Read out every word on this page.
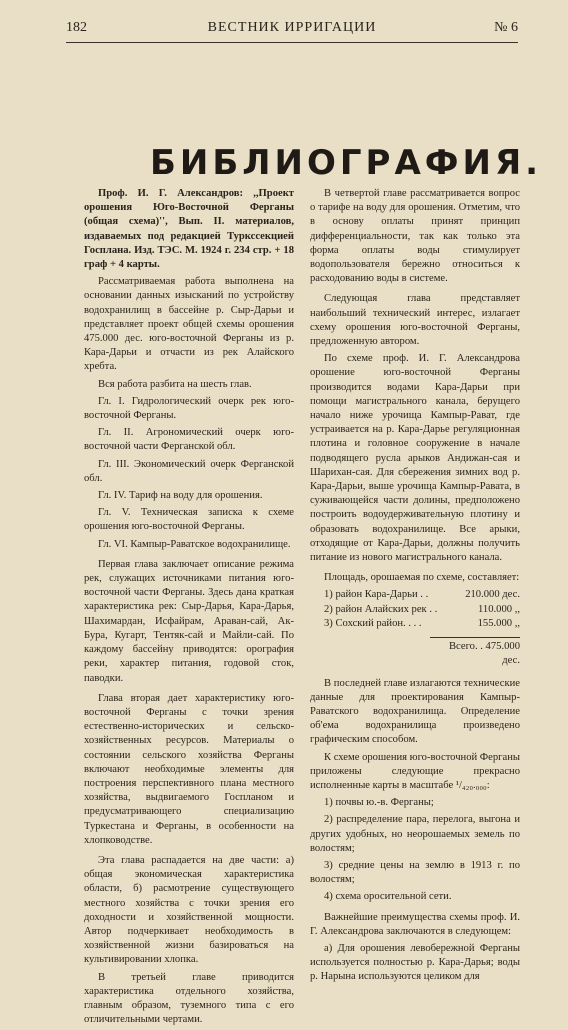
182	ВЕСТНИК ИРРИГАЦИИ	№ 6
БИБЛИОГРАФИЯ.

Проф. И. Г. Александров: ,,Проект орошения Юго-Восточной Ферганы (общая схема)'', Вып. II. материалов, издаваемых под редакцией Туркссекцией Госплана. Изд. ТЭС. М. 1924 г. 234 стр. + 18 граф + 4 карты.

Рассматриваемая работа выполнена на основании данных изысканий по устройству водохранилищ в бассейне р. Сыр-Дарьи и представляет проект общей схемы орошения 475.000 дес. юго-восточной Ферганы из р. Кара-Дарьи и отчасти из рек Алайского хребта.

Вся работа разбита на шесть глав.

Гл. I. Гидрологический очерк рек юго-восточной Ферганы.

Гл. II. Агрономический очерк юго-восточной части Ферганской обл.

Гл. III. Экономический очерк Ферганской обл.

Гл. IV. Тариф на воду для орошения.

Гл. V. Техническая записка к схеме орошения юго-восточной Ферганы.

Гл. VI. Кампыр-Раватское водохранилище.

Первая глава заключает описание режима рек, служащих источниками питания юго-восточной части Ферганы. Здесь дана краткая характеристика рек: Сыр-Дарья, Кара-Дарья, Шахимардан, Исфайрам, Араван-сай, Ак-Бура, Кугарт, Тентяк-сай и Майли-сай. По каждому бассейну приводятся: орография реки, характер питания, годовой сток, паводки.

Глава вторая дает характеристику юго-восточной Ферганы с точки зрения естественно-исторических и сельско-хозяйственных ресурсов. Материалы о состоянии сельского хозяйства Ферганы включают необходимые элементы для построения перспективного плана местного хозяйства, выдвигаемого Госпланом и предусматривающего специализацию Туркестана и Ферганы, в особенности на хлопководстве.

Эта глава распадается на две части: а) общая экономическая характеристика области, б) расмотрение существующего местного хозяйства с точки зрения его доходности и хозяйственной мощности. Автор подчеркивает необходимость в хозяйственной жизни базироваться на культивировании хлопка.

В третьей главе приводится характеристика отдельного хозяйства, главным образом, туземного типа с его отличительными чертами.

В четвертой главе рассматривается вопрос о тарифе на воду для орошения. Отметим, что в основу оплаты принят принцип дифференциальности, так как только эта форма оплаты воды стимулирует водопользователя бережно относиться к расходованию воды в системе.

Следующая глава представляет наибольший технический интерес, излагает схему орошения юго-восточной Ферганы, предложенную автором.

По схеме проф. И. Г. Александрова орошение юго-восточной Ферганы производится водами Кара-Дарьи при помощи магистрального канала, берущего начало ниже урочища Кампыр-Рават, где устраивается на р. Кара-Дарье регуляционная плотина и головное сооружение в начале подводящего русла арыков Андижан-сая и Шарихан-сая. Для сбережения зимних вод р. Кара-Дарьи, выше урочища Кампыр-Равата, в суживающейся части долины, предположено построить водоудерживательную плотину и образовать водохранилище. Все арыки, отходящие от Кара-Дарьи, должны получить питание из нового магистрального канала.

Площадь, орошаемая по схеме, составляет:

1) район Кара-Дарьи . .	210.000 дес.
2) район Алайских рек . .	110.000 ,,
3) Сохский район. . . .	155.000 ,,
Всего. . 475.000 дес.

В последней главе излагаются технические данные для проектирования Кампыр-Раватского водохранилища. Определение об'ема водохранилища произведено графическим способом.

К схеме орошения юго-восточной Ферганы приложены следующие прекрасно исполненные карты в масштабе ¹/₄₂₀.₀₀₀:

1) почвы ю.-в. Ферганы;

2) распределение пара, перелога, выгона и других удобных, но неорошаемых земель по волостям;

3) средние цены на землю в 1913 г. по волостям;

4) схема оросительной сети.

Важнейшие преимущества схемы проф. И. Г. Александрова заключаются в следующем:

а) Для орошения левобережной Ферганы используется полностью р. Кара-Дарья; воды р. Нарына используются целиком для
